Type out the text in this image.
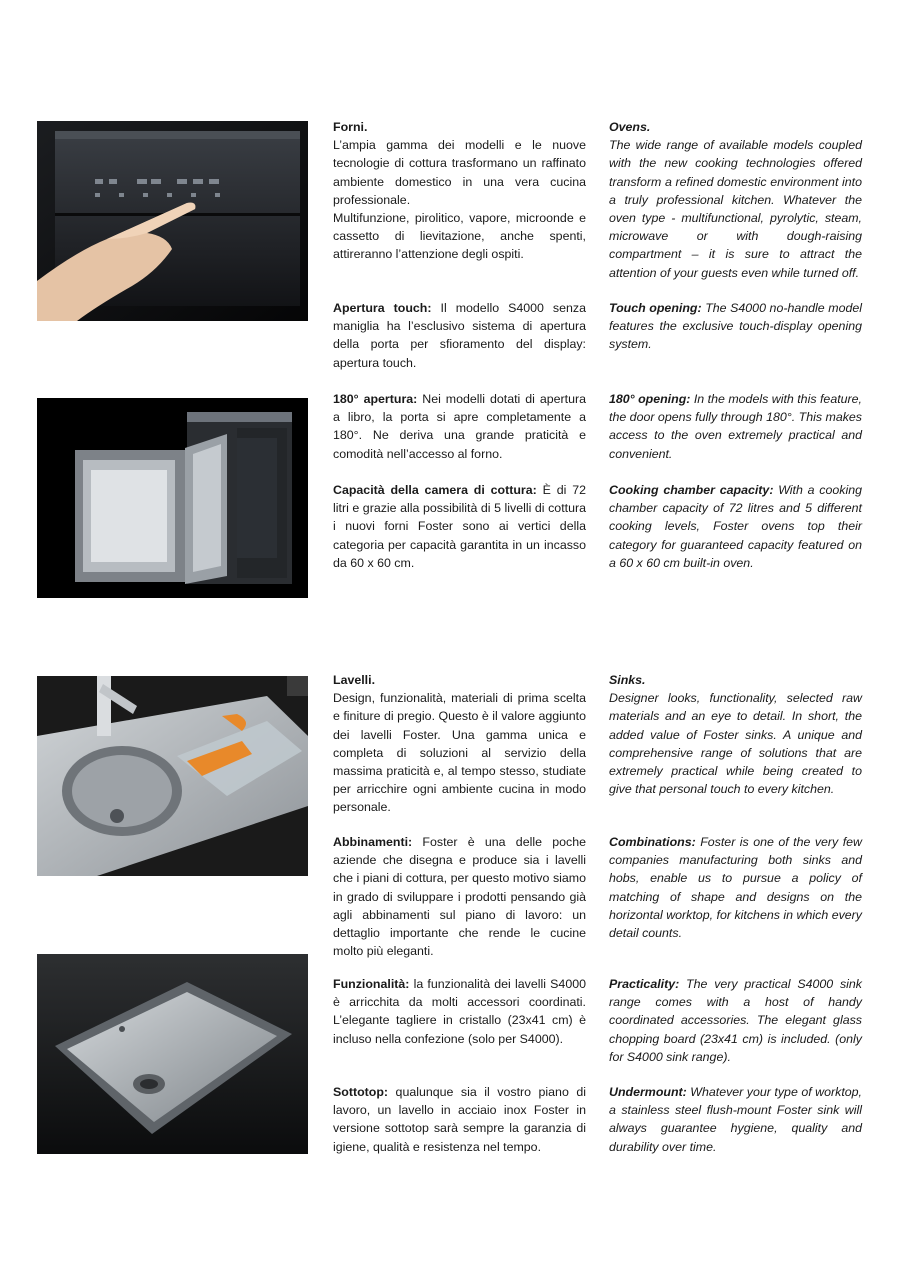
Forni.
L’ampia gamma dei modelli e le nuove tecnologie di cottura trasformano un raffinato ambiente domestico in una vera cucina professionale.

Multifunzione, pirolitico, vapore, microonde e cassetto di lievitazione, anche spenti, attireranno l’attenzione degli ospiti.

Apertura touch: Il modello S4000 senza maniglia ha l’esclusivo sistema di apertura della porta per sfioramento del display: apertura touch.

180° apertura: Nei modelli dotati di apertura a libro, la porta si apre completamente a 180°. Ne deriva una grande praticità e comodità nell’accesso al forno.

Capacità della camera di cottura: È di 72 litri e grazie alla possibilità di 5 livelli di cottura i nuovi forni Foster sono ai vertici della categoria per capacità garantita in un incasso da 60 x 60 cm.

Ovens.
The wide range of available models coupled with the new cooking technologies offered transform a refined domestic environment into a truly professional kitchen. Whatever the oven type - multifunctional, pyrolytic, steam, microwave or with dough-raising compartment – it is sure to attract the attention of your guests even while turned off.

Touch opening: The S4000 no-handle model features the exclusive touch-display opening system.

180° opening: In the models with this feature, the door opens fully through 180°. This makes access to the oven extremely practical and convenient.

Cooking chamber capacity: With a cooking chamber capacity of 72 litres and 5 different cooking levels, Foster ovens top their category for guaranteed capacity featured on a 60 x 60 cm built-in oven.

Lavelli.
Design, funzionalità, materiali di prima scelta e finiture di pregio. Questo è il valore aggiunto dei lavelli Foster. Una gamma unica e completa di soluzioni al servizio della massima praticità e, al tempo stesso, studiate per arricchire ogni ambiente cucina in modo personale.

Abbinamenti: Foster è una delle poche aziende che disegna e produce sia i lavelli che i piani di cottura, per questo motivo siamo in grado di sviluppare i prodotti pensando già agli abbinamenti sul piano di lavoro: un dettaglio importante che rende le cucine molto più eleganti.

Funzionalità: la funzionalità dei lavelli S4000 è arricchita da molti accessori coordinati. L’elegante tagliere in cristallo (23x41 cm) è incluso nella confezione (solo per S4000).

Sottotop: qualunque sia il vostro piano di lavoro, un lavello in acciaio inox Foster in versione sottotop sarà sempre la garanzia di igiene, qualità e resistenza nel tempo.

Sinks.
Designer looks, functionality, selected raw materials and an eye to detail. In short, the added value of Foster sinks. A unique and comprehensive range of solutions that are extremely practical while being created to give that personal touch to every kitchen.

Combinations: Foster is one of the very few companies manufacturing both sinks and hobs, enable us to pursue a policy of matching of shape and designs on the horizontal worktop, for kitchens in which every detail counts.

Practicality: The very practical S4000 sink range comes with a host of handy coordinated accessories. The elegant glass chopping board (23x41 cm) is included. (only for S4000 sink range).

Undermount: Whatever your type of worktop, a stainless steel flush-mount Foster sink will always guarantee hygiene, quality and durability over time.
